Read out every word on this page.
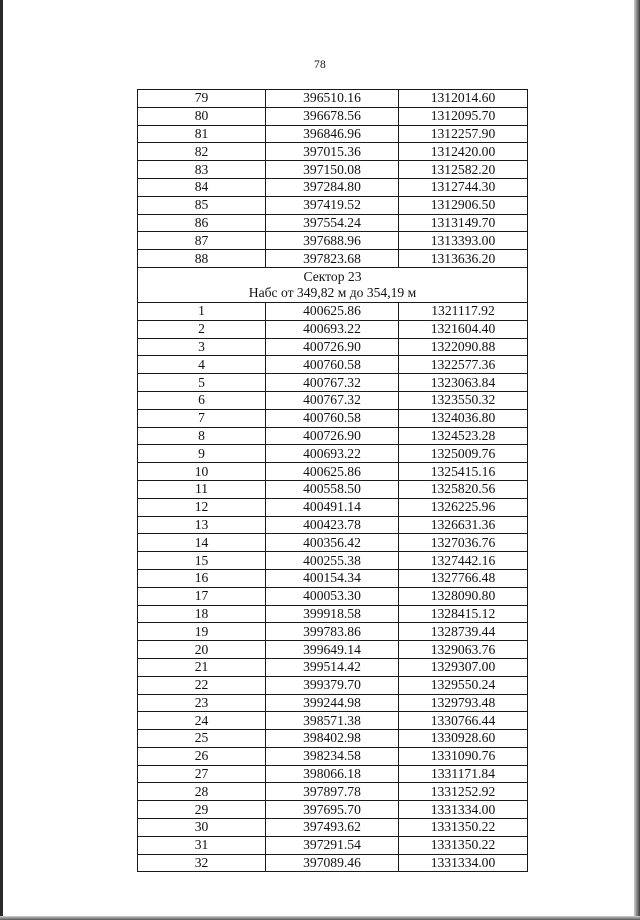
78
79	396510.16	1312014.60
80	396678.56	1312095.70
81	396846.96	1312257.90
82	397015.36	1312420.00
83	397150.08	1312582.20
84	397284.80	1312744.30
85	397419.52	1312906.50
86	397554.24	1313149.70
87	397688.96	1313393.00
88	397823.68	1313636.20

Сектор 23
Набс от 349,82 м до 354,19 м		

1	400625.86	1321117.92
2	400693.22	1321604.40
3	400726.90	1322090.88
4	400760.58	1322577.36
5	400767.32	1323063.84
6	400767.32	1323550.32
7	400760.58	1324036.80
8	400726.90	1324523.28
9	400693.22	1325009.76
10	400625.86	1325415.16
11	400558.50	1325820.56
12	400491.14	1326225.96
13	400423.78	1326631.36
14	400356.42	1327036.76
15	400255.38	1327442.16
16	400154.34	1327766.48
17	400053.30	1328090.80
18	399918.58	1328415.12
19	399783.86	1328739.44
20	399649.14	1329063.76
21	399514.42	1329307.00
22	399379.70	1329550.24
23	399244.98	1329793.48
24	398571.38	1330766.44
25	398402.98	1330928.60
26	398234.58	1331090.76
27	398066.18	1331171.84
28	397897.78	1331252.92
29	397695.70	1331334.00
30	397493.62	1331350.22
31	397291.54	1331350.22
32	397089.46	1331334.00
